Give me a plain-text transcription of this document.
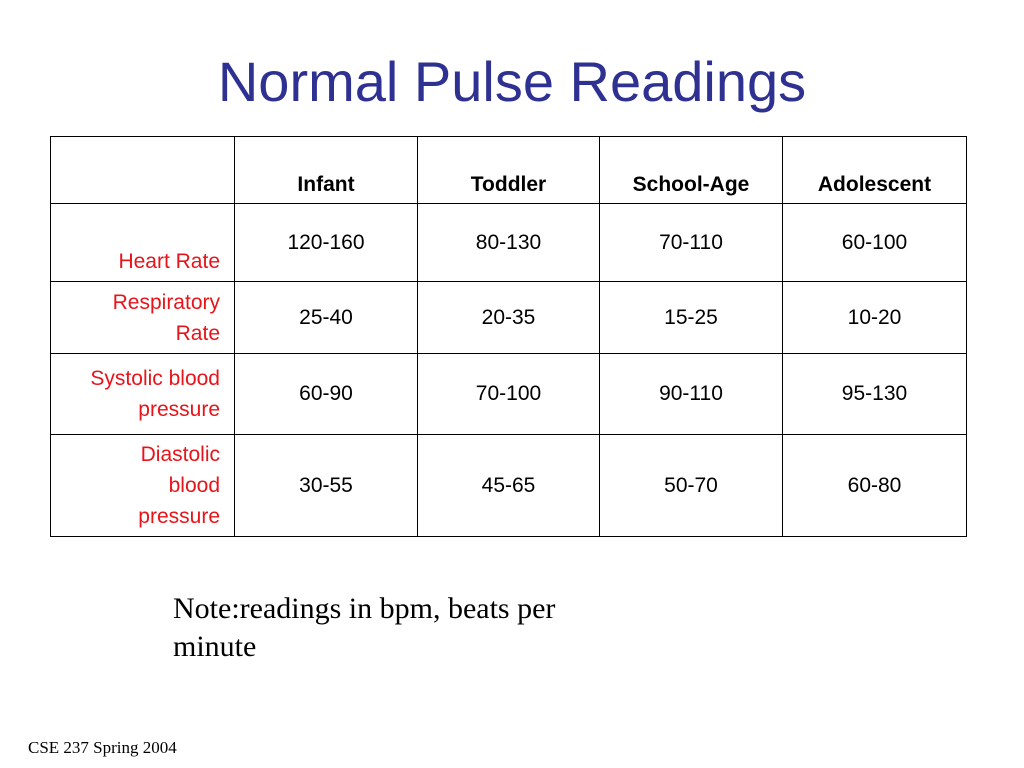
Normal Pulse Readings
	Infant	Toddler	School-Age	Adolescent

Heart Rate	120-160	80-130	70-110	60-100

Respiratory
Rate	25-40	20-35	15-25	10-20

Systolic blood
pressure	60-90	70-100	90-110	95-130

Diastolic
blood
pressure	30-55	45-65	50-70	60-80

Note:readings in bpm, beats per minute

CSE 237 Spring 2004
